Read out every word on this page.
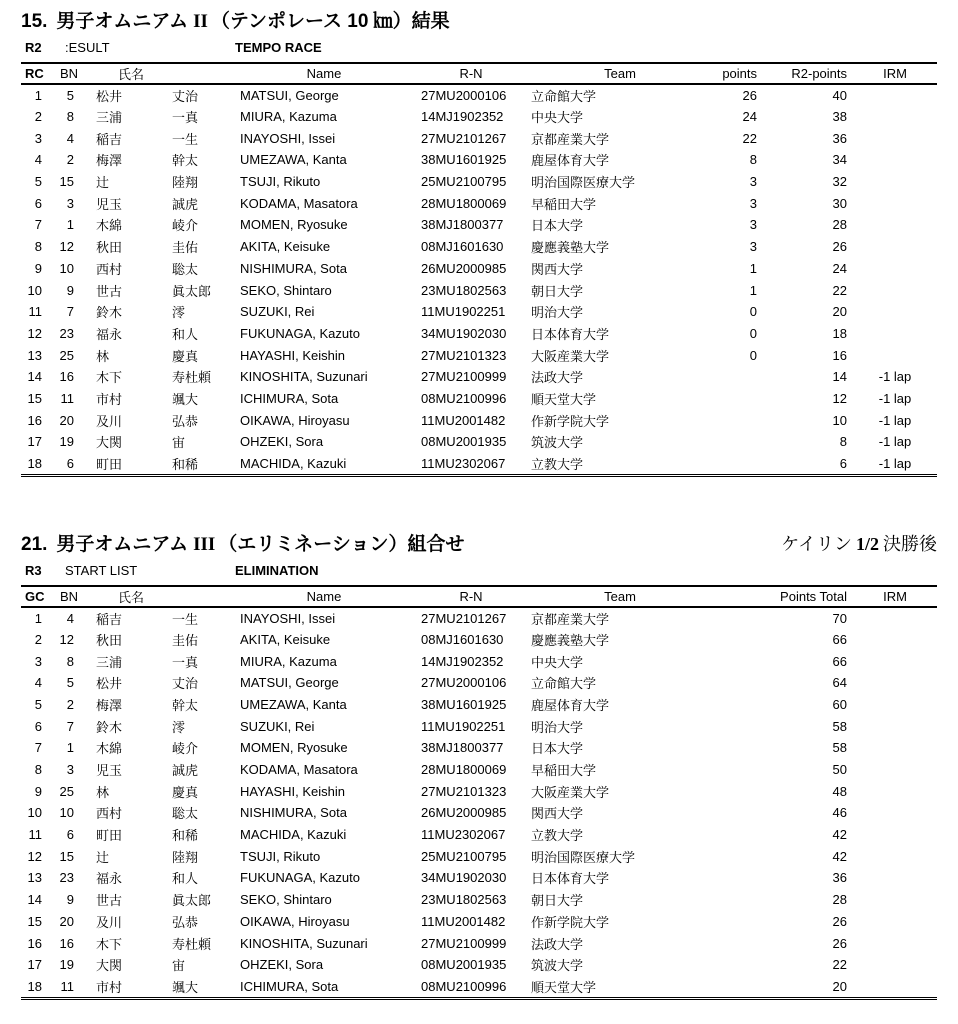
15. 男子オムニアム II （テンポレース 10 ㎞）結果
R2 :ESULT	TEMPO RACE
RC	BN	氏名		Name	R-N	Team	points	R2-points	IRM
1	5	松井	丈治	MATSUI, George	27MU2000106	立命館大学	26	40	
2	8	三浦	一真	MIURA, Kazuma	14MJ1902352	中央大学	24	38	
3	4	稲吉	一生	INAYOSHI, Issei	27MU2101267	京都産業大学	22	36	
4	2	梅澤	幹太	UMEZAWA, Kanta	38MU1601925	鹿屋体育大学	8	34	
5	15	辻	陸翔	TSUJI, Rikuto	25MU2100795	明治国際医療大学	3	32	
6	3	児玉	誠虎	KODAMA, Masatora	28MU1800069	早稲田大学	3	30	
7	1	木綿	崚介	MOMEN, Ryosuke	38MJ1800377	日本大学	3	28	
8	12	秋田	圭佑	AKITA, Keisuke	08MJ1601630	慶應義塾大学	3	26	
9	10	西村	聡太	NISHIMURA, Sota	26MU2000985	関西大学	1	24	
10	9	世古	眞太郎	SEKO, Shintaro	23MU1802563	朝日大学	1	22	
11	7	鈴木	澪	SUZUKI, Rei	11MU1902251	明治大学	0	20	
12	23	福永	和人	FUKUNAGA, Kazuto	34MU1902030	日本体育大学	0	18	
13	25	林	慶真	HAYASHI, Keishin	27MU2101323	大阪産業大学	0	16	
14	16	木下	寿杜頼	KINOSHITA, Suzunari	27MU2100999	法政大学		14	-1 lap
15	11	市村	颯大	ICHIMURA, Sota	08MU2100996	順天堂大学		12	-1 lap
16	20	及川	弘恭	OIKAWA, Hiroyasu	11MU2001482	作新学院大学		10	-1 lap
17	19	大関	宙	OHZEKI, Sora	08MU2001935	筑波大学		8	-1 lap
18	6	町田	和稀	MACHIDA, Kazuki	11MU2302067	立教大学		6	-1 lap
21. 男子オムニアム III （エリミネーション）組合せ	ケイリン 1/2 決勝後
R3 START LIST	ELIMINATION
GC	BN	氏名		Name	R-N	Team	Points Total	IRM
1	4	稲吉	一生	INAYOSHI, Issei	27MU2101267	京都産業大学	70	
2	12	秋田	圭佑	AKITA, Keisuke	08MJ1601630	慶應義塾大学	66	
3	8	三浦	一真	MIURA, Kazuma	14MJ1902352	中央大学	66	
4	5	松井	丈治	MATSUI, George	27MU2000106	立命館大学	64	
5	2	梅澤	幹太	UMEZAWA, Kanta	38MU1601925	鹿屋体育大学	60	
6	7	鈴木	澪	SUZUKI, Rei	11MU1902251	明治大学	58	
7	1	木綿	崚介	MOMEN, Ryosuke	38MJ1800377	日本大学	58	
8	3	児玉	誠虎	KODAMA, Masatora	28MU1800069	早稲田大学	50	
9	25	林	慶真	HAYASHI, Keishin	27MU2101323	大阪産業大学	48	
10	10	西村	聡太	NISHIMURA, Sota	26MU2000985	関西大学	46	
11	6	町田	和稀	MACHIDA, Kazuki	11MU2302067	立教大学	42	
12	15	辻	陸翔	TSUJI, Rikuto	25MU2100795	明治国際医療大学	42	
13	23	福永	和人	FUKUNAGA, Kazuto	34MU1902030	日本体育大学	36	
14	9	世古	眞太郎	SEKO, Shintaro	23MU1802563	朝日大学	28	
15	20	及川	弘恭	OIKAWA, Hiroyasu	11MU2001482	作新学院大学	26	
16	16	木下	寿杜頼	KINOSHITA, Suzunari	27MU2100999	法政大学	26	
17	19	大関	宙	OHZEKI, Sora	08MU2001935	筑波大学	22	
18	11	市村	颯大	ICHIMURA, Sota	08MU2100996	順天堂大学	20	
